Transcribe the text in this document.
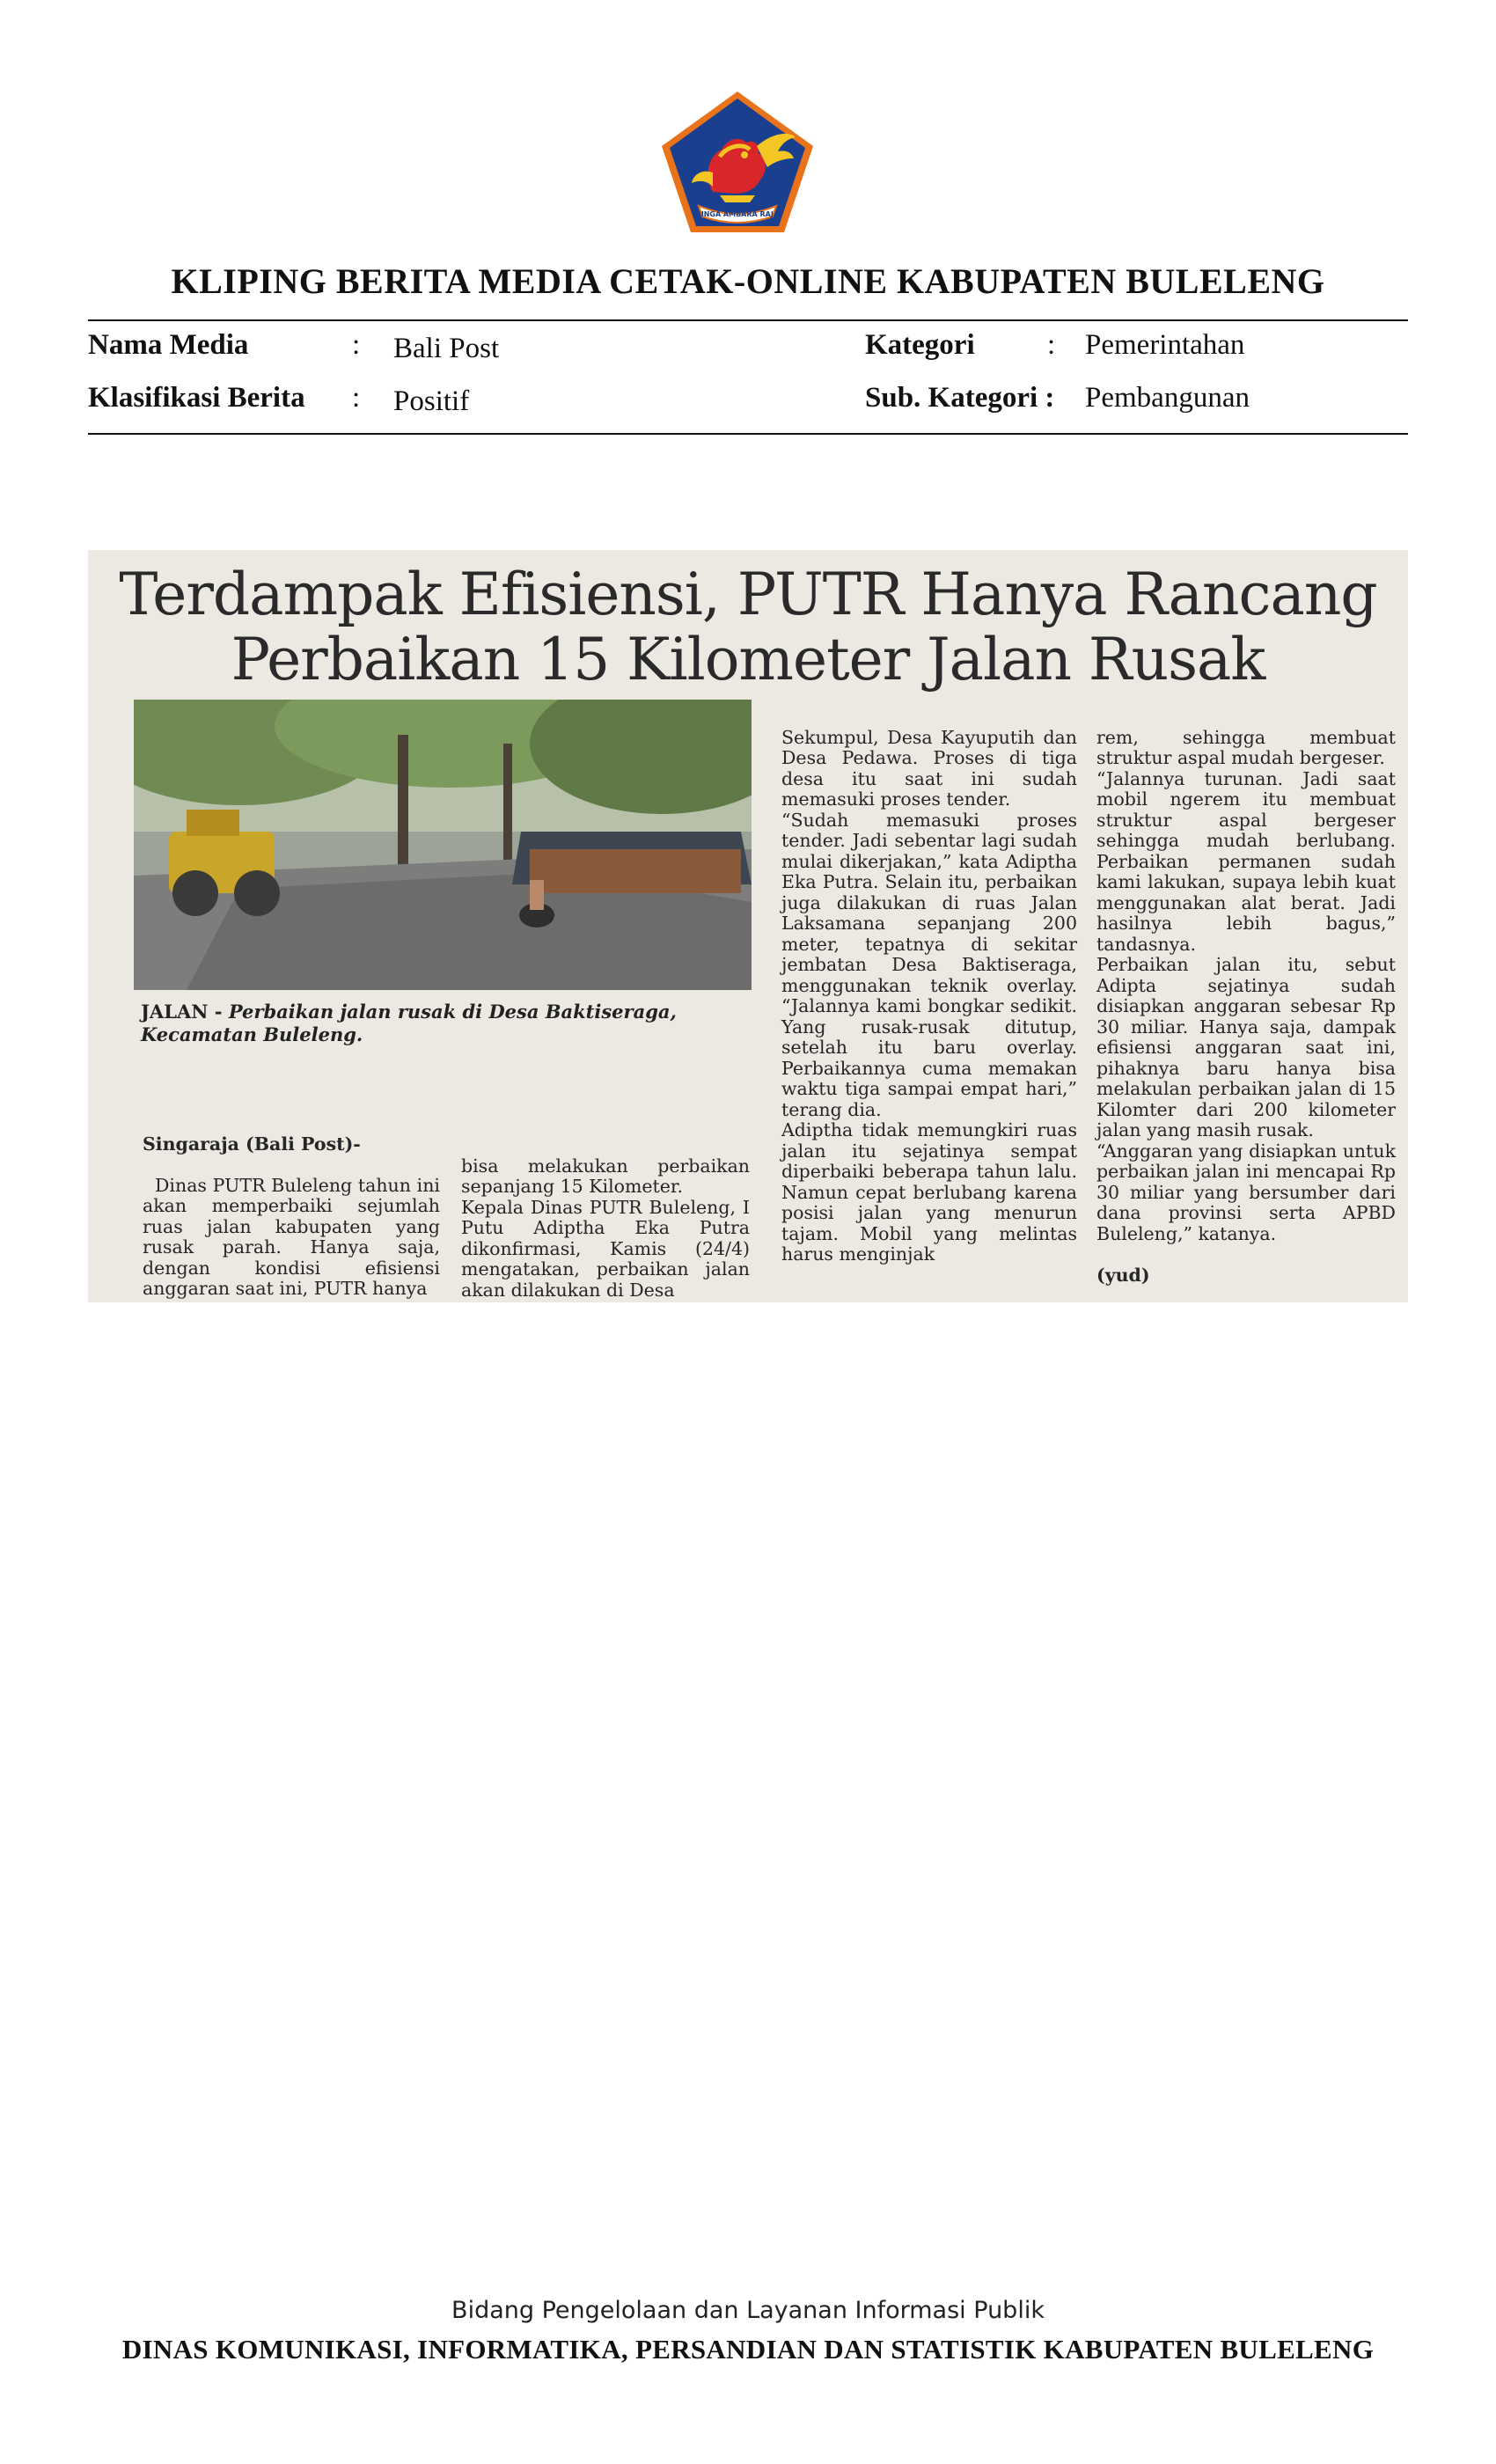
SINGA AMBARA RAJA
KLIPING BERITA MEDIA CETAK-ONLINE KABUPATEN BULELENG
Nama Media	: Bali Post	Kategori : Pemerintahan
Klasifikasi Berita : Positif	Sub. Kategori : Pembangunan
Terdampak Efisiensi, PUTR Hanya Rancang
Perbaikan 15 Kilometer Jalan Rusak
JALAN - Perbaikan jalan rusak di Desa Baktiseraga, Kecamatan Buleleng.

Singaraja (Bali Post)-

Dinas PUTR Buleleng tahun ini akan memperbaiki sejumlah ruas jalan kabupaten yang rusak parah. Hanya saja, dengan kondisi efisiensi anggaran saat ini, PUTR hanya

bisa melakukan perbaikan sepanjang 15 Kilometer.
Kepala Dinas PUTR Buleleng, I Putu Adiptha Eka Putra dikonfirmasi, Kamis (24/4) mengatakan, perbaikan jalan akan dilakukan di Desa

Sekumpul, Desa Kayuputih dan Desa Pedawa. Proses di tiga desa itu saat ini sudah memasuki proses tender.
“Sudah memasuki proses tender. Jadi sebentar lagi sudah mulai dikerjakan,” kata Adiptha Eka Putra. Selain itu, perbaikan juga dilakukan di ruas Jalan Laksamana sepanjang 200 meter, tepatnya di sekitar jembatan Desa Baktiseraga, menggunakan teknik overlay. “Jalannya kami bongkar sedikit. Yang rusak-rusak ditutup, setelah itu baru overlay. Perbaikannya cuma memakan waktu tiga sampai empat hari,” terang dia.
Adiptha tidak memungkiri ruas jalan itu sejatinya sempat diperbaiki beberapa tahun lalu. Namun cepat berlubang karena posisi jalan yang menurun tajam. Mobil yang melintas harus menginjak

rem, sehingga membuat struktur aspal mudah bergeser.
“Jalannya turunan. Jadi saat mobil ngerem itu membuat struktur aspal bergeser sehingga mudah berlubang. Perbaikan permanen sudah kami lakukan, supaya lebih kuat menggunakan alat berat. Jadi hasilnya lebih bagus,” tandasnya.
Perbaikan jalan itu, sebut Adipta sejatinya sudah disiapkan anggaran sebesar Rp 30 miliar. Hanya saja, dampak efisiensi anggaran saat ini, pihaknya baru hanya bisa melakulan perbaikan jalan di 15 Kilomter dari 200 kilometer jalan yang masih rusak.
“Anggaran yang disiapkan untuk perbaikan jalan ini mencapai Rp 30 miliar yang bersumber dari dana provinsi serta APBD Buleleng,” katanya.

(yud)

Bidang Pengelolaan dan Layanan Informasi Publik
DINAS KOMUNIKASI, INFORMATIKA, PERSANDIAN DAN STATISTIK KABUPATEN BULELENG
